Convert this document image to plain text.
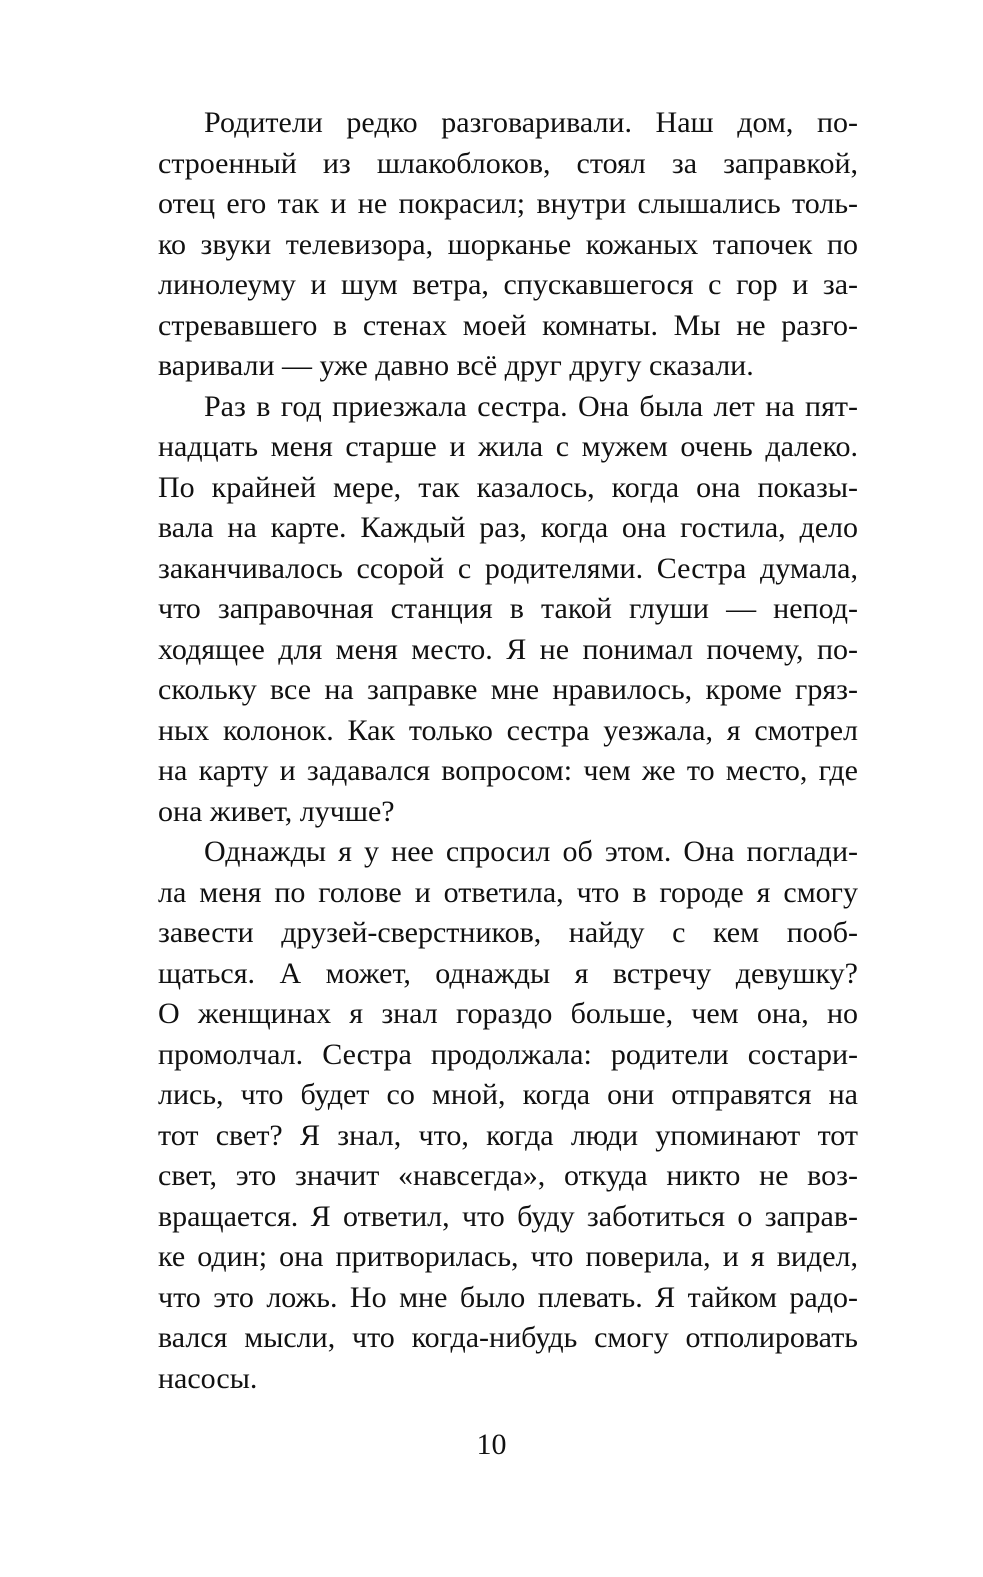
Родители редко разговаривали. Наш дом, по-
строенный из шлакоблоков, стоял за заправкой,
отец его так и не покрасил; внутри слышались толь-
ко звуки телевизора, шорканье кожаных тапочек по
линолеуму и шум ветра, спускавшегося с гор и за-
стревавшего в стенах моей комнаты. Мы не разго-
варивали — уже давно всё друг другу сказали.
Раз в год приезжала сестра. Она была лет на пят-
надцать меня старше и жила с мужем очень далеко.
По крайней мере, так казалось, когда она показы-
вала на карте. Каждый раз, когда она гостила, дело
заканчивалось ссорой с родителями. Сестра думала,
что заправочная станция в такой глуши — непод-
ходящее для меня место. Я не понимал почему, по-
скольку все на заправке мне нравилось, кроме гряз-
ных колонок. Как только сестра уезжала, я смотрел
на карту и задавался вопросом: чем же то место, где
она живет, лучше?
Однажды я у нее спросил об этом. Она поглади-
ла меня по голове и ответила, что в городе я смогу
завести друзей-сверстников, найду с кем пооб-
щаться. А может, однажды я встречу девушку?
О женщинах я знал гораздо больше, чем она, но
промолчал. Сестра продолжала: родители состари-
лись, что будет со мной, когда они отправятся на
тот свет? Я знал, что, когда люди упоминают тот
свет, это значит «навсегда», откуда никто не воз-
вращается. Я ответил, что буду заботиться о заправ-
ке один; она притворилась, что поверила, и я видел,
что это ложь. Но мне было плевать. Я тайком радо-
вался мысли, что когда-нибудь смогу отполировать
насосы.
10
